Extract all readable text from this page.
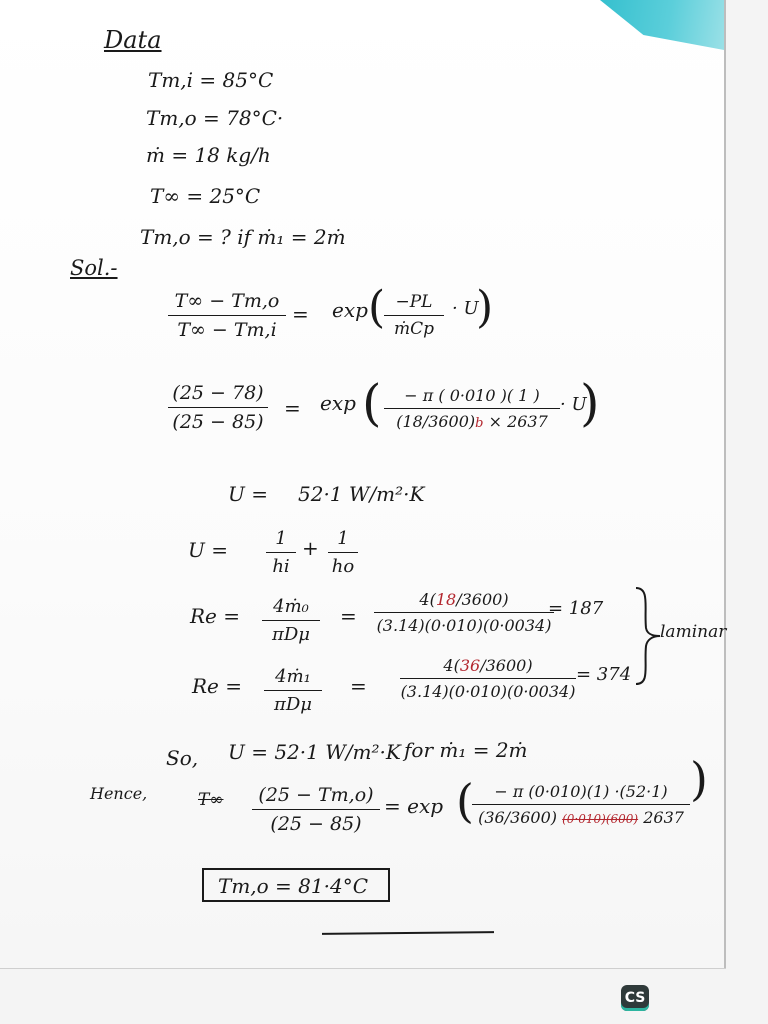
Data
Tm,i = 85°C
Tm,o = 78°C·
ṁ = 18 kg/h
T∞ = 25°C
Tm,o = ? if ṁ₁ = 2ṁ
Sol.-
T∞ − Tm,o
T∞ − Tm,i
= exp ( −PL
ṁCp
· U
)
(25 − 78)
(25 − 85)
= exp (	− π ( 0·010 )( 1 )
(18/3600)b × 2637
· U
)
U = 52·1 W/m²·K
U =	1
hi
+	1
ho
Re =	4ṁ₀
πDμ
=
4(18/3600)
(3.14)(0·010)(0·0034)
= 187
Re =	4ṁ₁
πDμ
=
4(36/3600)
(3.14)(0·010)(0·0034)
= 374
laminar
So, U = 52·1 W/m²·K for ṁ₁ = 2ṁ
Hence,	T∞	(25 − Tm,o)
(25 − 85)
= exp (	− π (0·010)(1) ·(52·1)
(36/3600) (0·010)(600) 2637
)
Tm,o = 81·4°C
CS
